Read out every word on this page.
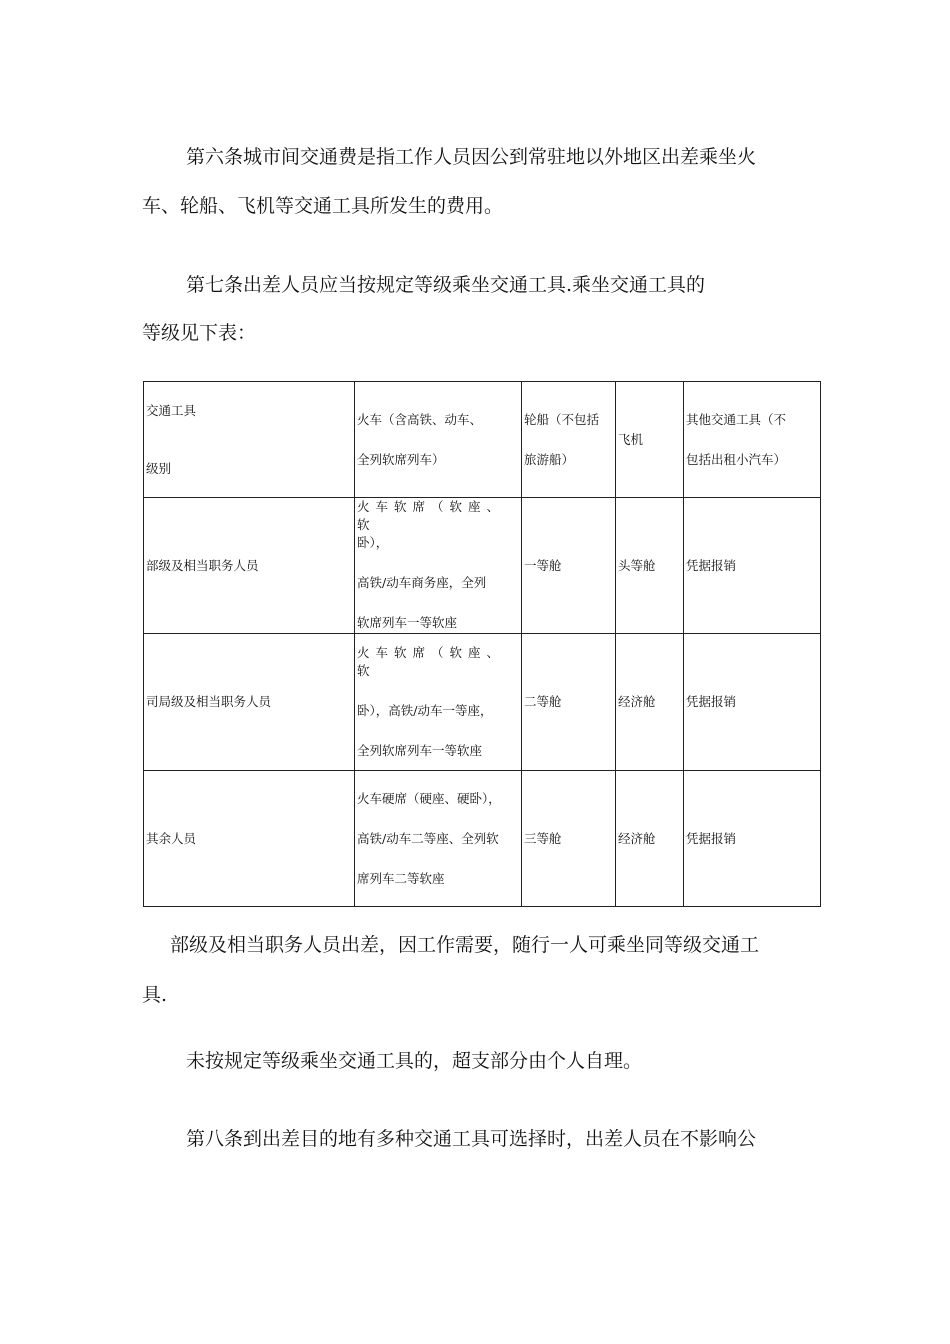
第六条城市间交通费是指工作人员因公到常驻地以外地区出差乘坐火
车、轮船、飞机等交通工具所发生的费用。
第七条出差人员应当按规定等级乘坐交通工具.乘坐交通工具的
等级见下表：
交通工具
级别	火车（含高铁、动车、
全列软席列车）	轮船（不包括
旅游船）	飞机	其他交通工具（不
包括出租小汽车）

部级及相当职务人员	火车软席（软座、软
卧），
高铁/动车商务座，全列
软席列车一等软座	一等舱	头等舱	凭据报销
司局级及相当职务人员	火车软席（软座、软
卧），高铁/动车一等座，
全列软席列车一等软座	二等舱	经济舱	凭据报销
其余人员	火车硬席（硬座、硬卧），
高铁/动车二等座、全列软
席列车二等软座	三等舱	经济舱	凭据报销
部级及相当职务人员出差，因工作需要，随行一人可乘坐同等级交通工
具.
未按规定等级乘坐交通工具的，超支部分由个人自理。
第八条到出差目的地有多种交通工具可选择时，出差人员在不影响公
